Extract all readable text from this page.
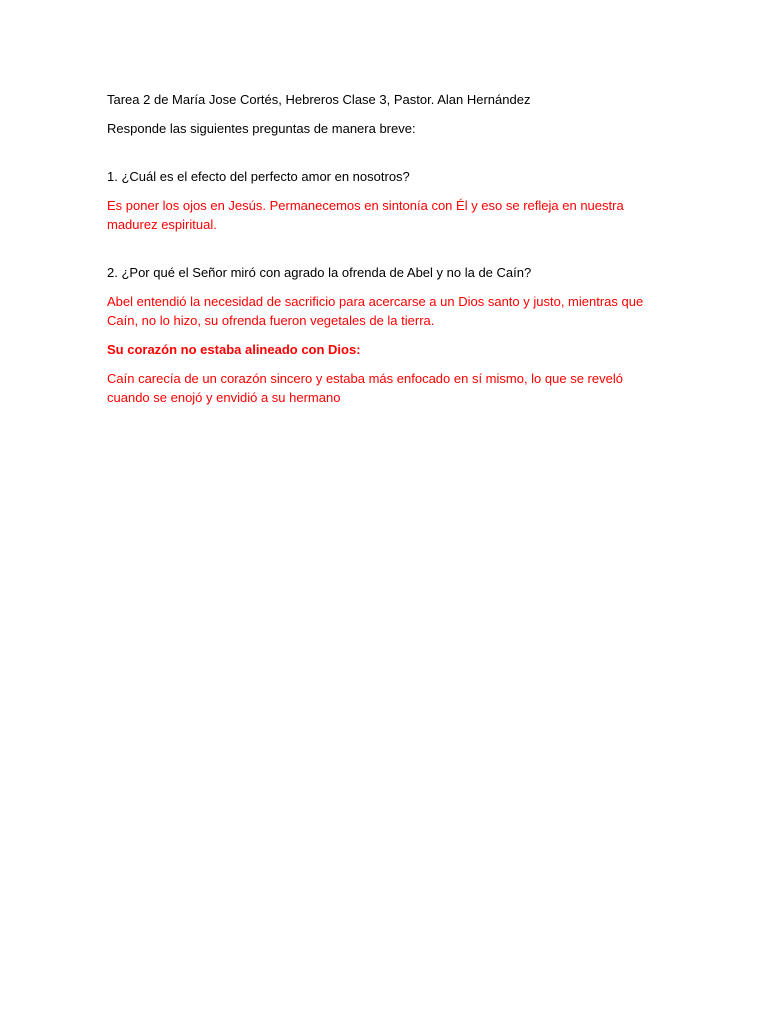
Tarea 2 de María Jose Cortés, Hebreros Clase 3, Pastor. Alan Hernández

Responde las siguientes preguntas de manera breve:

1. ¿Cuál es el efecto del perfecto amor en nosotros?

Es poner los ojos en Jesús. Permanecemos en sintonía con Él y eso se refleja en nuestra madurez espiritual.

2. ¿Por qué el Señor miró con agrado la ofrenda de Abel y no la de Caín?

Abel entendió la necesidad de sacrificio para acercarse a un Dios santo y justo, mientras que Caín, no lo hizo, su ofrenda fueron vegetales de la tierra.

Su corazón no estaba alineado con Dios:

Caín carecía de un corazón sincero y estaba más enfocado en sí mismo, lo que se reveló cuando se enojó y envidió a su hermano
